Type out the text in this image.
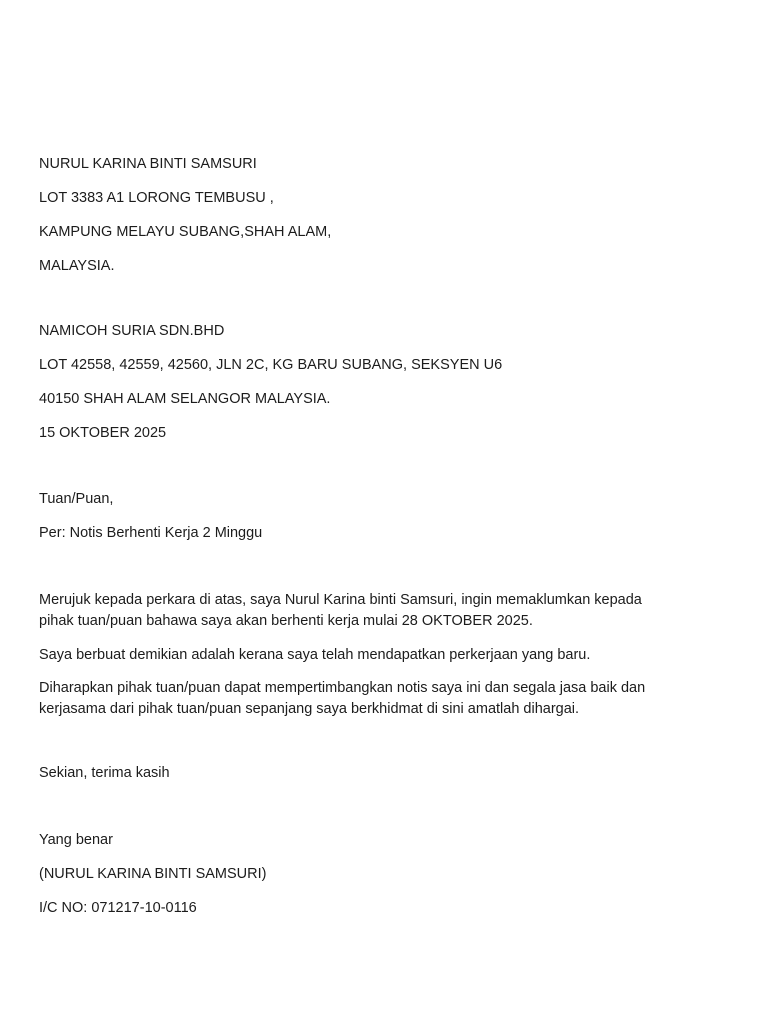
NURUL KARINA BINTI SAMSURI
LOT 3383 A1 LORONG TEMBUSU ,
KAMPUNG MELAYU SUBANG,SHAH ALAM,
MALAYSIA.
NAMICOH SURIA SDN.BHD
LOT 42558, 42559, 42560, JLN 2C, KG BARU SUBANG, SEKSYEN U6
40150 SHAH ALAM SELANGOR MALAYSIA.
15 OKTOBER 2025
Tuan/Puan,
Per: Notis Berhenti Kerja 2 Minggu
Merujuk kepada perkara di atas, saya Nurul Karina binti Samsuri, ingin memaklumkan kepada
pihak tuan/puan bahawa saya akan berhenti kerja mulai 28 OKTOBER 2025.
Saya berbuat demikian adalah kerana saya telah mendapatkan perkerjaan yang baru.
Diharapkan pihak tuan/puan dapat mempertimbangkan notis saya ini dan segala jasa baik dan
kerjasama dari pihak tuan/puan sepanjang saya berkhidmat di sini amatlah dihargai.
Sekian, terima kasih
Yang benar
(NURUL KARINA BINTI SAMSURI)
I/C NO: 071217-10-0116
